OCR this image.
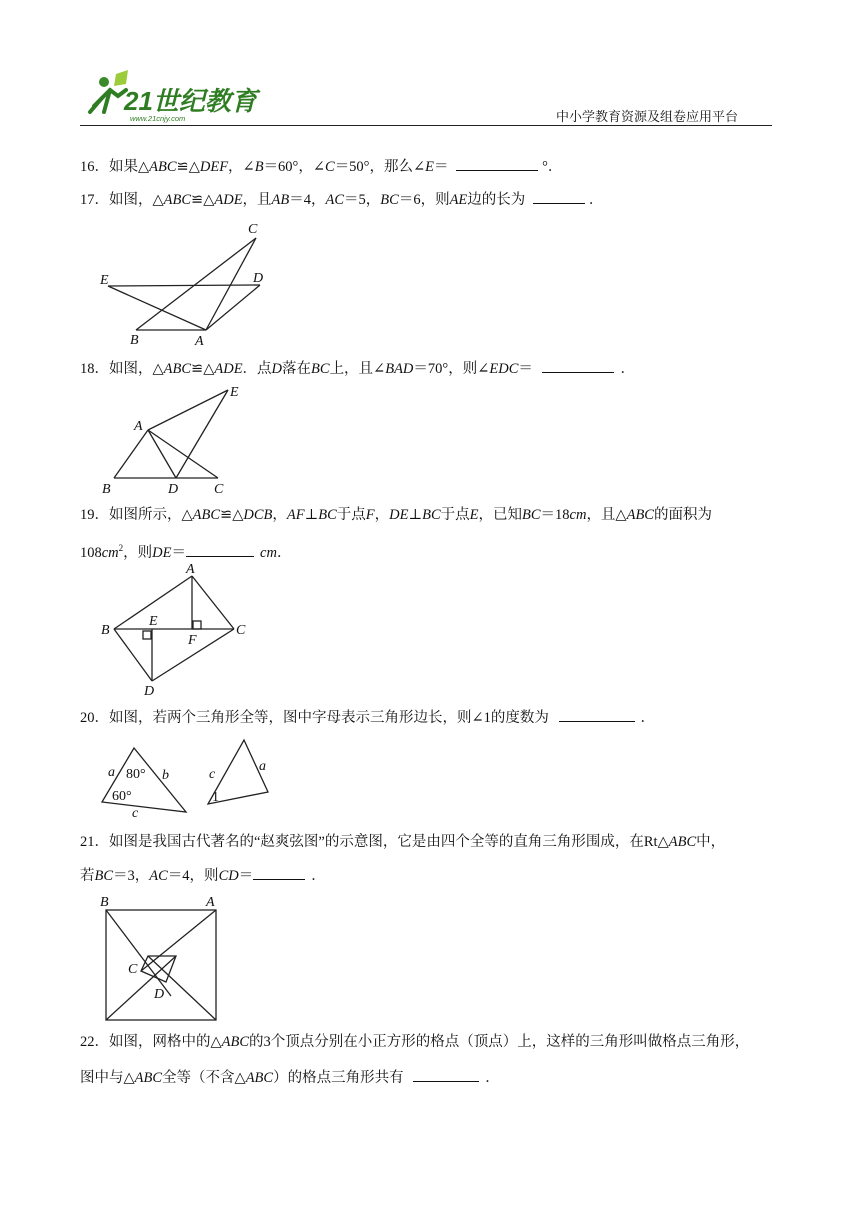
21世纪教育
www.21cnjy.com	中小学教育资源及组卷应用平台
16．如果△ABC≌△DEF，∠B＝60°，∠C＝50°，那么∠E＝	°．
17．如图，△ABC≌△ADE，且AB＝4，AC＝5，BC＝6，则AE边的长为	．
C
E	D
B	A
18．如图，△ABC≌△ADE．点D落在BC上，且∠BAD＝70°，则∠EDC＝	．
E
A
B	D	C
19．如图所示，△ABC≌△DCB，AF⊥BC于点F，DE⊥BC于点E，已知BC＝18cm，且△ABC的面积为
$108cm^2$，则DE＝	cm．
A
B
E
C
F
D
20．如图，若两个三角形全等，图中字母表示三角形边长，则∠1的度数为	．
a 80° b
60°
c
c
a
1
21．如图是我国古代著名的“赵爽弦图”的示意图，它是由四个全等的直角三角形围成，在Rt△ABC中，
若BC＝3，AC＝4，则CD＝	．
B	A
C
D
22．如图，网格中的△ABC的3个顶点分别在小正方形的格点（顶点）上，这样的三角形叫做格点三角形，
图中与△ABC全等（不含△ABC）的格点三角形共有	．
